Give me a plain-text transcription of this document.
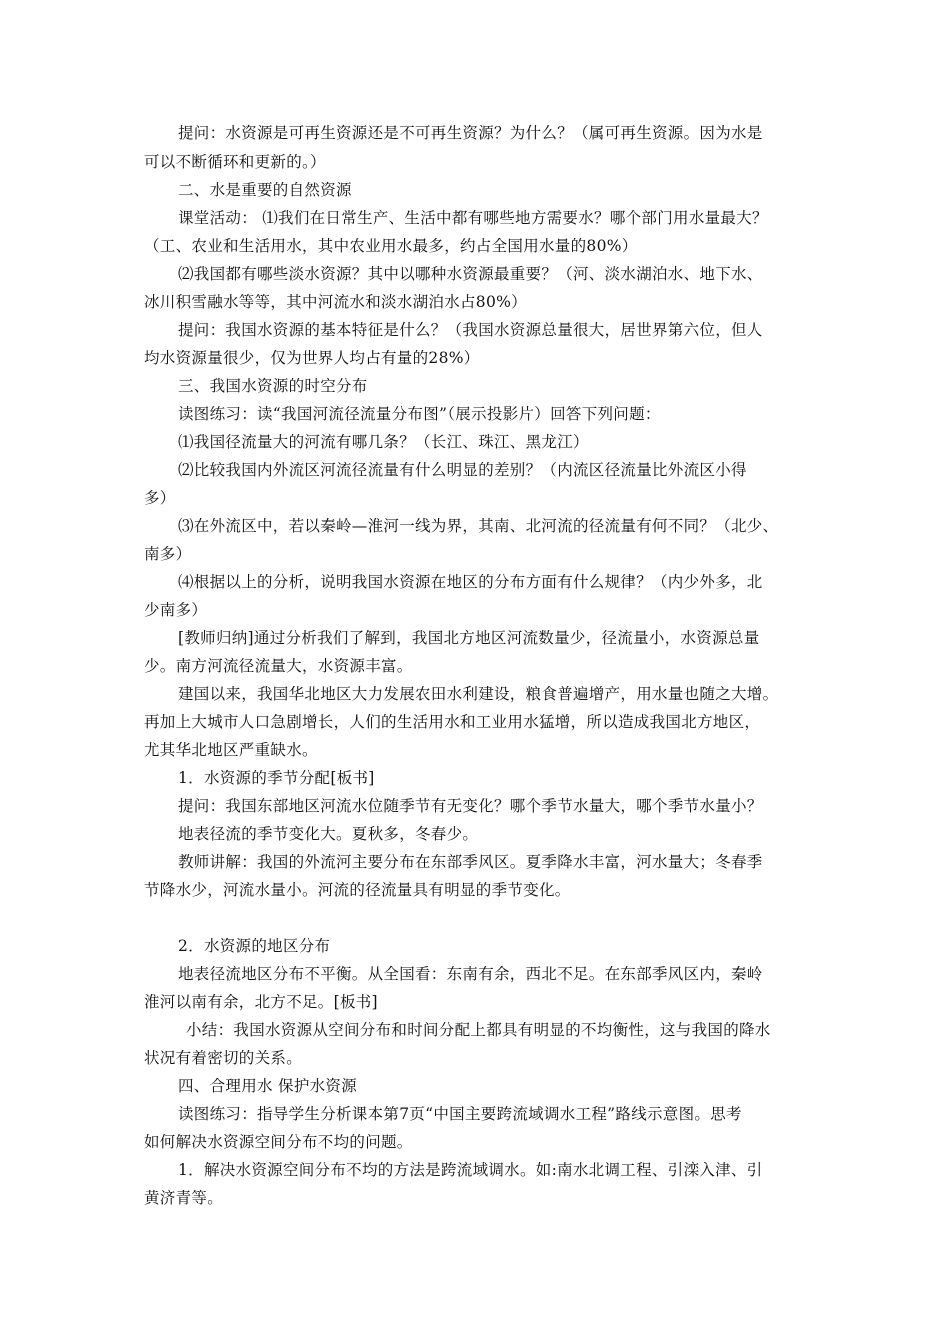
提问：水资源是可再生资源还是不可再生资源？为什么？（属可再生资源。因为水是
可以不断循环和更新的。）
二、水是重要的自然资源
课堂活动： ⑴我们在日常生产、生活中都有哪些地方需要水？哪个部门用水量最大？
（工、农业和生活用水，其中农业用水最多，约占全国用水量的80%）
⑵我国都有哪些淡水资源？其中以哪种水资源最重要？（河、淡水湖泊水、地下水、
冰川积雪融水等等，其中河流水和淡水湖泊水占80%）
提问：我国水资源的基本特征是什么？（我国水资源总量很大，居世界第六位，但人
均水资源量很少，仅为世界人均占有量的28%）
三、我国水资源的时空分布
读图练习：读“我国河流径流量分布图”（展示投影片）回答下列问题：
⑴我国径流量大的河流有哪几条？（长江、珠江、黑龙江）
⑵比较我国内外流区河流径流量有什么明显的差别？（内流区径流量比外流区小得
多）
⑶在外流区中，若以秦岭—淮河一线为界，其南、北河流的径流量有何不同？（北少、
南多）
⑷根据以上的分析，说明我国水资源在地区的分布方面有什么规律？（内少外多，北
少南多）
[教师归纳]通过分析我们了解到，我国北方地区河流数量少，径流量小，水资源总量
少。南方河流径流量大，水资源丰富。
建国以来，我国华北地区大力发展农田水利建设，粮食普遍增产，用水量也随之大增。
再加上大城市人口急剧增长，人们的生活用水和工业用水猛增，所以造成我国北方地区，
尤其华北地区严重缺水。
1．水资源的季节分配[板书]
提问：我国东部地区河流水位随季节有无变化？哪个季节水量大，哪个季节水量小？
地表径流的季节变化大。夏秋多，冬春少。
教师讲解：我国的外流河主要分布在东部季风区。夏季降水丰富，河水量大；冬春季
节降水少，河流水量小。河流的径流量具有明显的季节变化。
2．水资源的地区分布
地表径流地区分布不平衡。从全国看：东南有余，西北不足。在东部季风区内，秦岭
淮河以南有余，北方不足。[板书]
小结：我国水资源从空间分布和时间分配上都具有明显的不均衡性，这与我国的降水
状况有着密切的关系。
四、合理用水 保护水资源
读图练习：指导学生分析课本第7页“中国主要跨流域调水工程”路线示意图。思考
如何解决水资源空间分布不均的问题。
1．解决水资源空间分布不均的方法是跨流域调水。如:南水北调工程、引滦入津、引
黄济青等。
